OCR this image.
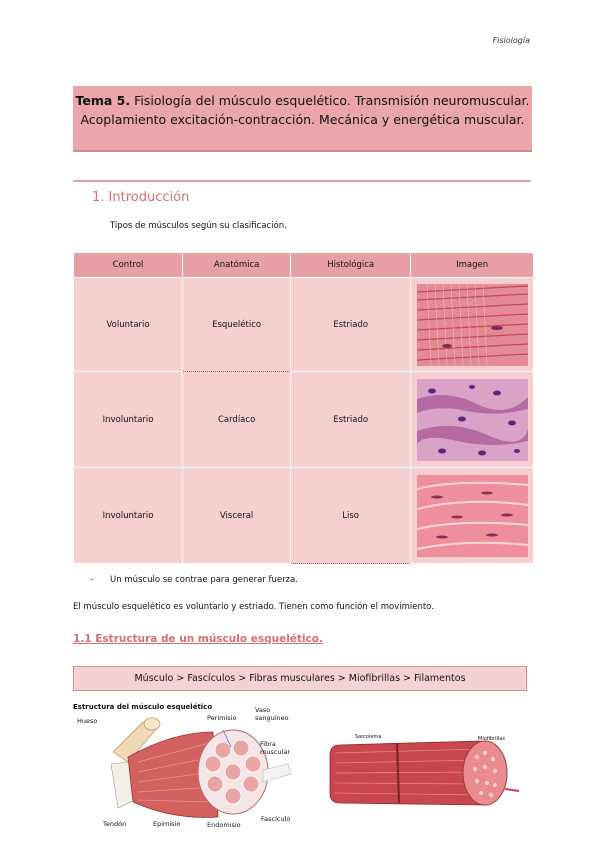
Fisiología
Tema 5. Fisiología del músculo esquelético. Transmisión neuromuscular. Acoplamiento excitación-contracción. Mecánica y energética muscular.
1. Introducción
Tipos de músculos según su clasificación.
Control	Anatómica	Histológica	Imagen
Voluntario	Esquelético	Estriado	

Involuntario	Cardíaco	Estriado	

Involuntario	Visceral	Liso	
- Un músculo se contrae para generar fuerza.
El músculo esquelético es voluntario y estriado. Tienen como función el movimiento.
1.1 Estructura de un músculo esquelético.
Músculo > Fascículos > Fibras musculares > Miofibrillas > Filamentos
Estructura del músculo esquelético
Hueso	Perimisio
Vaso sanguíneo
Fibra muscular
Tendón	Epimisio	Endomisio
Fascículo
Sarcolema	Miofibrillas
